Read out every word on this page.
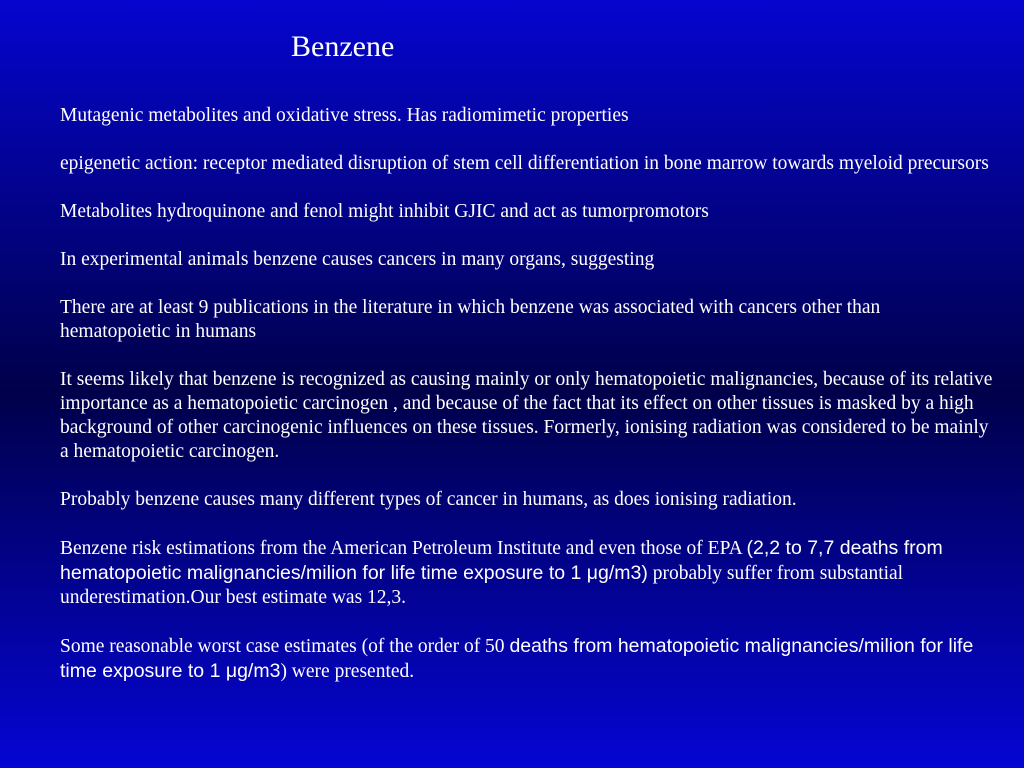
Benzene

Mutagenic metabolites and oxidative stress. Has radiomimetic properties

epigenetic action: receptor mediated disruption of stem cell differentiation in bone marrow towards myeloid precursors

Metabolites hydroquinone and fenol might inhibit GJIC and act as tumorpromotors

In experimental animals benzene causes cancers in many organs, suggesting

There are at least 9 publications in the literature in which benzene was associated with cancers other than hematopoietic in humans

It seems likely that benzene is recognized as causing mainly or only hematopoietic malignancies, because of its relative importance as a hematopoietic carcinogen , and because of the fact that its effect on other tissues is masked by a high background of other carcinogenic influences on these tissues. Formerly, ionising radiation was considered to be mainly a hematopoietic carcinogen.

Probably benzene causes many different types of cancer in humans, as does ionising radiation.

Benzene risk estimations from the American Petroleum Institute and even those of EPA (2,2 to 7,7 deaths from hematopoietic malignancies/milion for life time exposure to 1 μg/m3) probably suffer from substantial underestimation.Our best estimate was 12,3.

Some reasonable worst case estimates (of the order of 50 deaths from hematopoietic malignancies/milion for life time exposure to 1 μg/m3) were presented.
